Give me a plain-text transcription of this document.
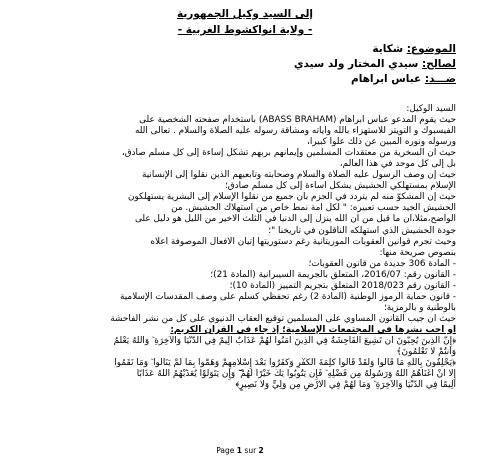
إلى السيد وكيل الجمهورية
- ولاية انواكشوط الغربية -
الموضوع: شكاية
لصالح: سيدي المختار ولد سيدي
ضـــد: عباس ابراهام
السيد الوكيل:
حيث يقوم المدعو عباس ابراهام (ABASS BRAHAM) باستخدام صفحته الشخصية على
الفيسبوك و التويتر للاستهزاء بالله وآياته ومشاقة رسوله عليه الصلاة والسلام . تعالى الله
ورسوله ونوره المبين عن ذلك علوا كبيرا،
حيث أن السخرية من معتقدات المسلمين وإيمانهم بربهم تشكل إساءة إلى كل مسلم صادق،
بل إلى كل موحد في هذا العالم،
حيث إن وصف الرسول عليه الصلاة والسلام وصحابته وتابعيهم الذين نقلوا إلى الإنسانية
الإسلام بمستهلكي الحشيش يشكل اساءة إلى كل مسلم صادق؛
حيث إن المشكوّ منه لم يتردد في الجزم بأن جميع من نقلوا الإسلام إلى البشرية يستهلكون
الحشيش الجيد حسب تعبيره: " لكل أمة نمط خاص من استهلاك الحشيش. من
الواضح،مثلا،أن ما قيل من أن الله ينزل إلى الدنيا في الثلث الأخير من الليل هو دليل على
جودة الحشيش الذي استهلكه الناقلون في تاريخنا "؛
وحيث تجرم قوانين العقوبات الموريتانية رغم دستوريتها إتيان الأفعال الموصوفة أعلاه
بنصوص صريحة منها:
- المادة 306 جديدة من قانون العقوبات؛
- القانون رقم: 2016/07، المتعلق بالجريمة السيبرانية (المادة 21)؛
- القانون رقم 2018/023 المتعلق بتجريم التمييز (المادة 10)؛
- قانون حماية الرموز الوطنية (المادة 2) رغم تحفظي كسلم على وصف المقدسات الإسلامية
بالوطنية و بالرمزية؛
حيث أن جيب القانون المساوي على المسلمين توقيع العقاب الدنيوي على كل من نشر الفاحشة
أو أحب نشرها في المجتمعات الإسلامية؛ إذ جاء في القرآن الكريم:
﴿إِنَّ الَّذِينَ يُحِبُّونَ أَن تَشِيعَ الْفَاحِشَةُ فِي الَّذِينَ آمَنُوا لَهُمْ عَذَابٌ أَلِيمٌ فِي الدُّنْيَا وَالْآخِرَةِ ۚ وَاللَّهُ يَعْلَمُ
وَأَنتُمْ لَا تَعْلَمُونَ﴾
﴿يَحْلِفُونَ بِاللَّهِ مَا قَالُوا وَلَقَدْ قَالُوا كَلِمَةَ الْكُفْرِ وَكَفَرُوا بَعْدَ إِسْلَامِهِمْ وَهَمُّوا بِمَا لَمْ يَنَالُوا ۚ وَمَا نَقَمُوا
إِلَّا أَنْ أَغْنَاهُمُ اللَّهُ وَرَسُولُهُ مِن فَضْلِهِ ۚ فَإِن يَتُوبُوا يَكُ خَيْرًا لَّهُمْ ۖ وَإِن يَتَوَلَّوْا يُعَذِّبْهُمُ اللَّهُ عَذَابًا
أَلِيمًا فِي الدُّنْيَا وَالْآخِرَةِ ۚ وَمَا لَهُمْ فِي الْأَرْضِ مِن وَلِيٍّ وَلَا نَصِيرٍ﴾
Page 1 sur 2
